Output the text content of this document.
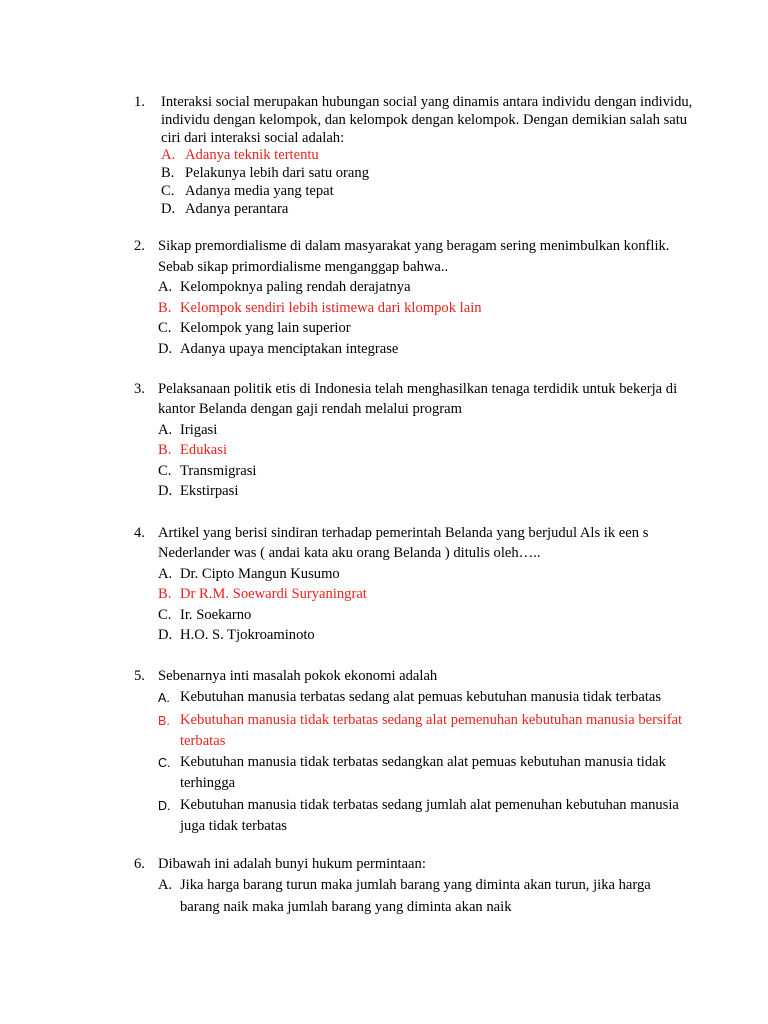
1.	Interaksi social merupakan hubungan social yang dinamis antara individu dengan individu, individu dengan kelompok, dan kelompok dengan kelompok. Dengan demikian salah satu ciri dari interaksi social adalah:
A. Adanya teknik tertentu
B. Pelakunya lebih dari satu orang
C. Adanya media yang tepat
D. Adanya perantara
2. Sikap premordialisme di dalam masyarakat yang beragam sering menimbulkan konflik. Sebab sikap primordialisme menganggap bahwa..
A. Kelompoknya paling rendah derajatnya
B. Kelompok sendiri lebih istimewa dari klompok lain
C. Kelompok yang lain superior
D. Adanya upaya menciptakan integrase
3. Pelaksanaan politik etis di Indonesia telah menghasilkan tenaga terdidik untuk bekerja di kantor Belanda dengan gaji rendah melalui program
A. Irigasi
B. Edukasi
C. Transmigrasi
D. Ekstirpasi
4. Artikel yang berisi sindiran terhadap pemerintah Belanda yang berjudul Als ik een s Nederlander was ( andai kata aku orang Belanda ) ditulis oleh…..
A. Dr. Cipto Mangun Kusumo
B. Dr R.M. Soewardi Suryaningrat
C. Ir. Soekarno
D. H.O. S. Tjokroaminoto
5. Sebenarnya inti masalah pokok ekonomi adalah
A. Kebutuhan manusia terbatas sedang alat pemuas kebutuhan manusia tidak terbatas
B. Kebutuhan manusia tidak terbatas sedang alat pemenuhan kebutuhan manusia bersifat terbatas
C. Kebutuhan manusia tidak terbatas sedangkan alat pemuas kebutuhan manusia tidak terhingga
D. Kebutuhan manusia tidak terbatas sedang jumlah alat pemenuhan kebutuhan manusia juga tidak terbatas
6. Dibawah ini adalah bunyi hukum permintaan:
A. Jika harga barang turun maka jumlah barang yang diminta akan turun, jika harga barang naik maka jumlah barang yang diminta akan naik
